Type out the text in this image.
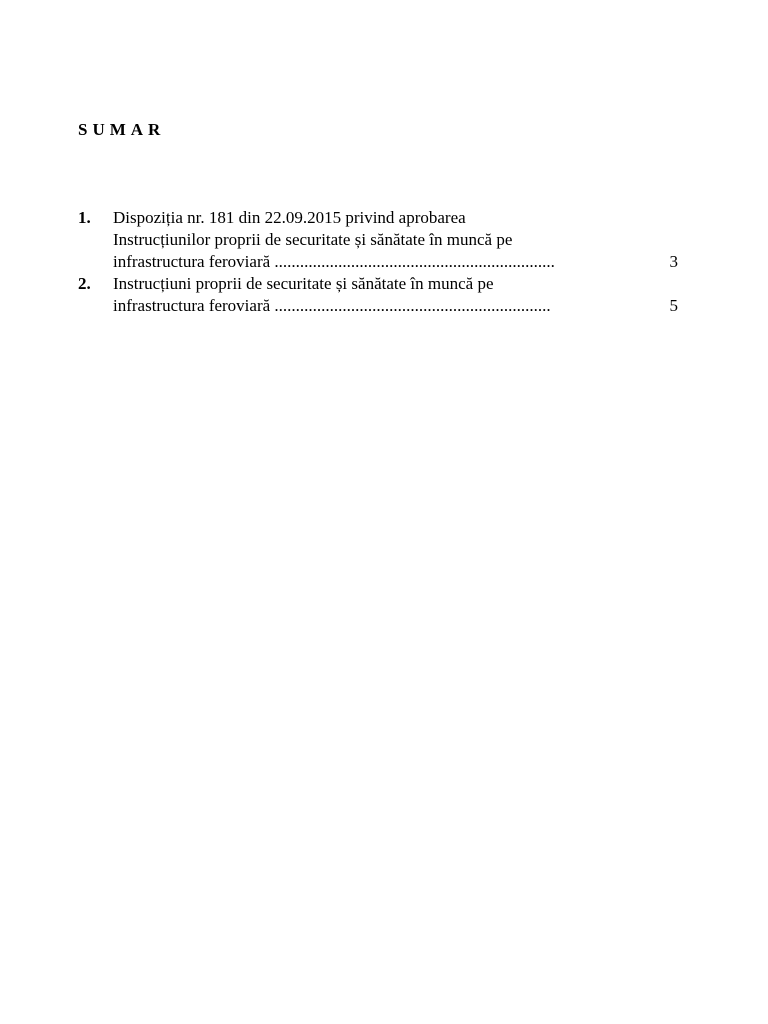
SUMAR
1. Dispoziția nr. 181 din 22.09.2015 privind aprobarea
Instrucțiunilor proprii de securitate și sănătate în muncă pe
infrastructura feroviară ..................................................................	3
2. Instrucțiuni proprii de securitate și sănătate în muncă pe
infrastructura feroviară .................................................................	5
